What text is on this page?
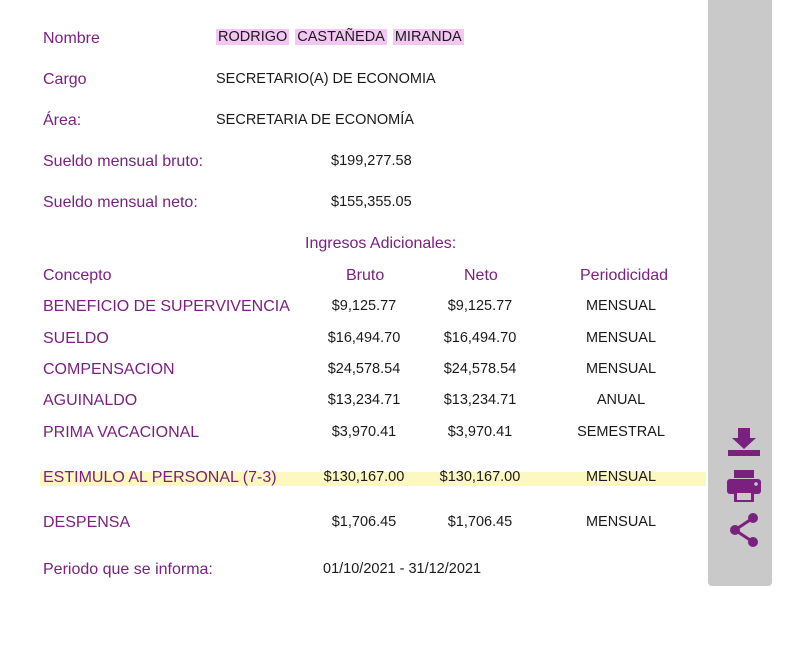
Nombre	RODRIGO CASTAÑEDA MIRANDA
Cargo	SECRETARIO(A) DE ECONOMIA
Área:	SECRETARIA DE ECONOMÍA
Sueldo mensual bruto:	$199,277.58
Sueldo mensual neto:	$155,355.05
Ingresos Adicionales:
Concepto	Bruto	Neto	Periodicidad
BENEFICIO DE SUPERVIVENCIA	$9,125.77	$9,125.77	MENSUAL
SUELDO	$16,494.70	$16,494.70	MENSUAL
COMPENSACION	$24,578.54	$24,578.54	MENSUAL
AGUINALDO	$13,234.71	$13,234.71	ANUAL
PRIMA VACACIONAL	$3,970.41	$3,970.41	SEMESTRAL
ESTIMULO AL PERSONAL (7-3)	$130,167.00	$130,167.00	MENSUAL
DESPENSA	$1,706.45	$1,706.45	MENSUAL
Periodo que se informa:	01/10/2021 - 31/12/2021
